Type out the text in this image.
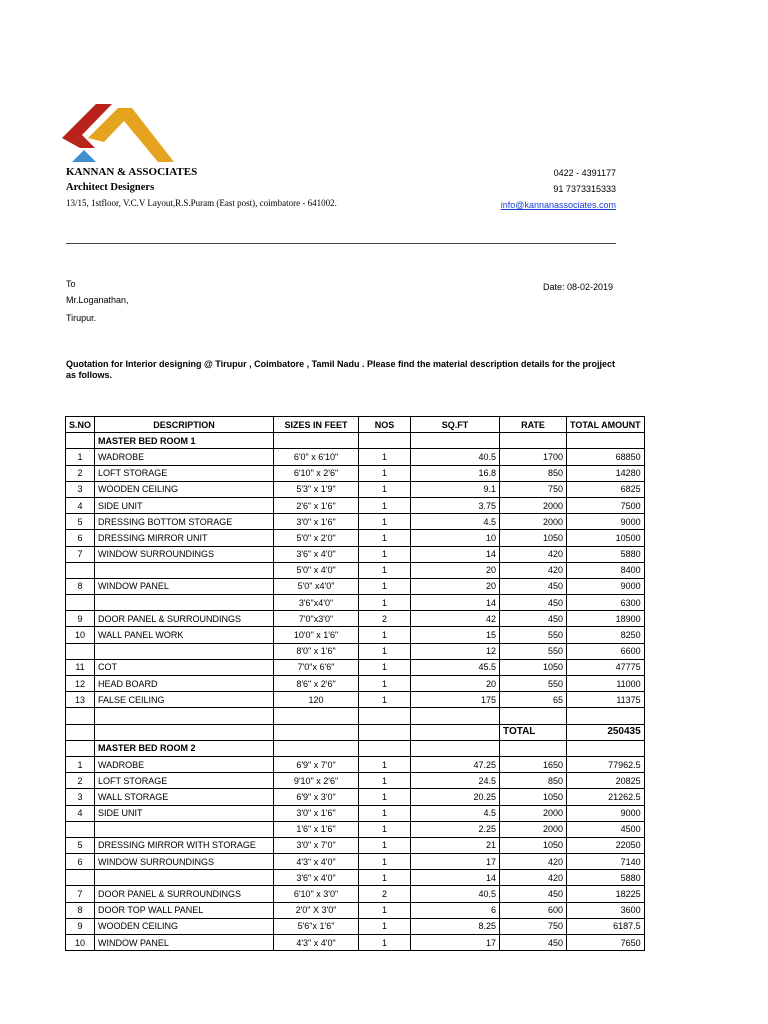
KANNAN & ASSOCIATES
Architect Designers
13/15, 1stfloor, V.C.V Layout,R.S.Puram (East post), coimbatore - 641002.
0422 - 4391177
91 7373315333
info@kannanassociates.com
To
Mr.Loganathan,
Tirupur.
Date: 08-02-2019
Quotation for Interior designing @ Tirupur , Coimbatore , Tamil Nadu . Please find the material description details for the projject as follows.
S.NO	DESCRIPTION	SIZES IN FEET	NOS	SQ.FT	RATE	TOTAL AMOUNT
	MASTER BED ROOM 1					
1	WADROBE	6'0" x 6'10"	1	40.5	1700	68850
2	LOFT STORAGE	6'10" x 2'6"	1	16.8	850	14280
3	WOODEN CEILING	5'3" x 1'9"	1	9.1	750	6825
4	SIDE UNIT	2'6" x 1'6"	1	3.75	2000	7500
5	DRESSING BOTTOM STORAGE	3'0" x 1'6"	1	4.5	2000	9000
6	DRESSING MIRROR UNIT	5'0" x 2'0"	1	10	1050	10500
7	WINDOW SURROUNDINGS	3'6" x 4'0"	1	14	420	5880
		5'0" x 4'0"	1	20	420	8400
8	WINDOW PANEL	5'0" x4'0"	1	20	450	9000
		3'6"x4'0"	1	14	450	6300
9	DOOR PANEL & SURROUNDINGS	7'0"x3'0"	2	42	450	18900
10	WALL PANEL WORK	10'0" x 1'6"	1	15	550	8250
		8'0" x 1'6"	1	12	550	6600
11	COT	7'0"x 6'6"	1	45.5	1050	47775
12	HEAD BOARD	8'6" x 2'6"	1	20	550	11000
13	FALSE CEILING	120	1	175	65	11375

					TOTAL	250435
	MASTER BED ROOM 2					
1	WADROBE	6'9" x 7'0"	1	47.25	1650	77962.5
2	LOFT STORAGE	9'10" x 2'6"	1	24.5	850	20825
3	WALL STORAGE	6'9" x 3'0"	1	20.25	1050	21262.5
4	SIDE UNIT	3'0" x 1'6"	1	4.5	2000	9000
		1'6" x 1'6"	1	2.25	2000	4500
5	DRESSING MIRROR WITH STORAGE	3'0" x 7'0"	1	21	1050	22050
6	WINDOW SURROUNDINGS	4'3" x 4'0"	1	17	420	7140
		3'6" x 4'0"	1	14	420	5880
7	DOOR PANEL & SURROUNDINGS	6'10" x 3'0"	2	40.5	450	18225
8	DOOR TOP WALL PANEL	2'0" X 3'0"	1	6	600	3600
9	WOODEN CEILING	5'6"x 1'6"	1	8.25	750	6187.5
10	WINDOW PANEL	4'3" x 4'0"	1	17	450	7650
